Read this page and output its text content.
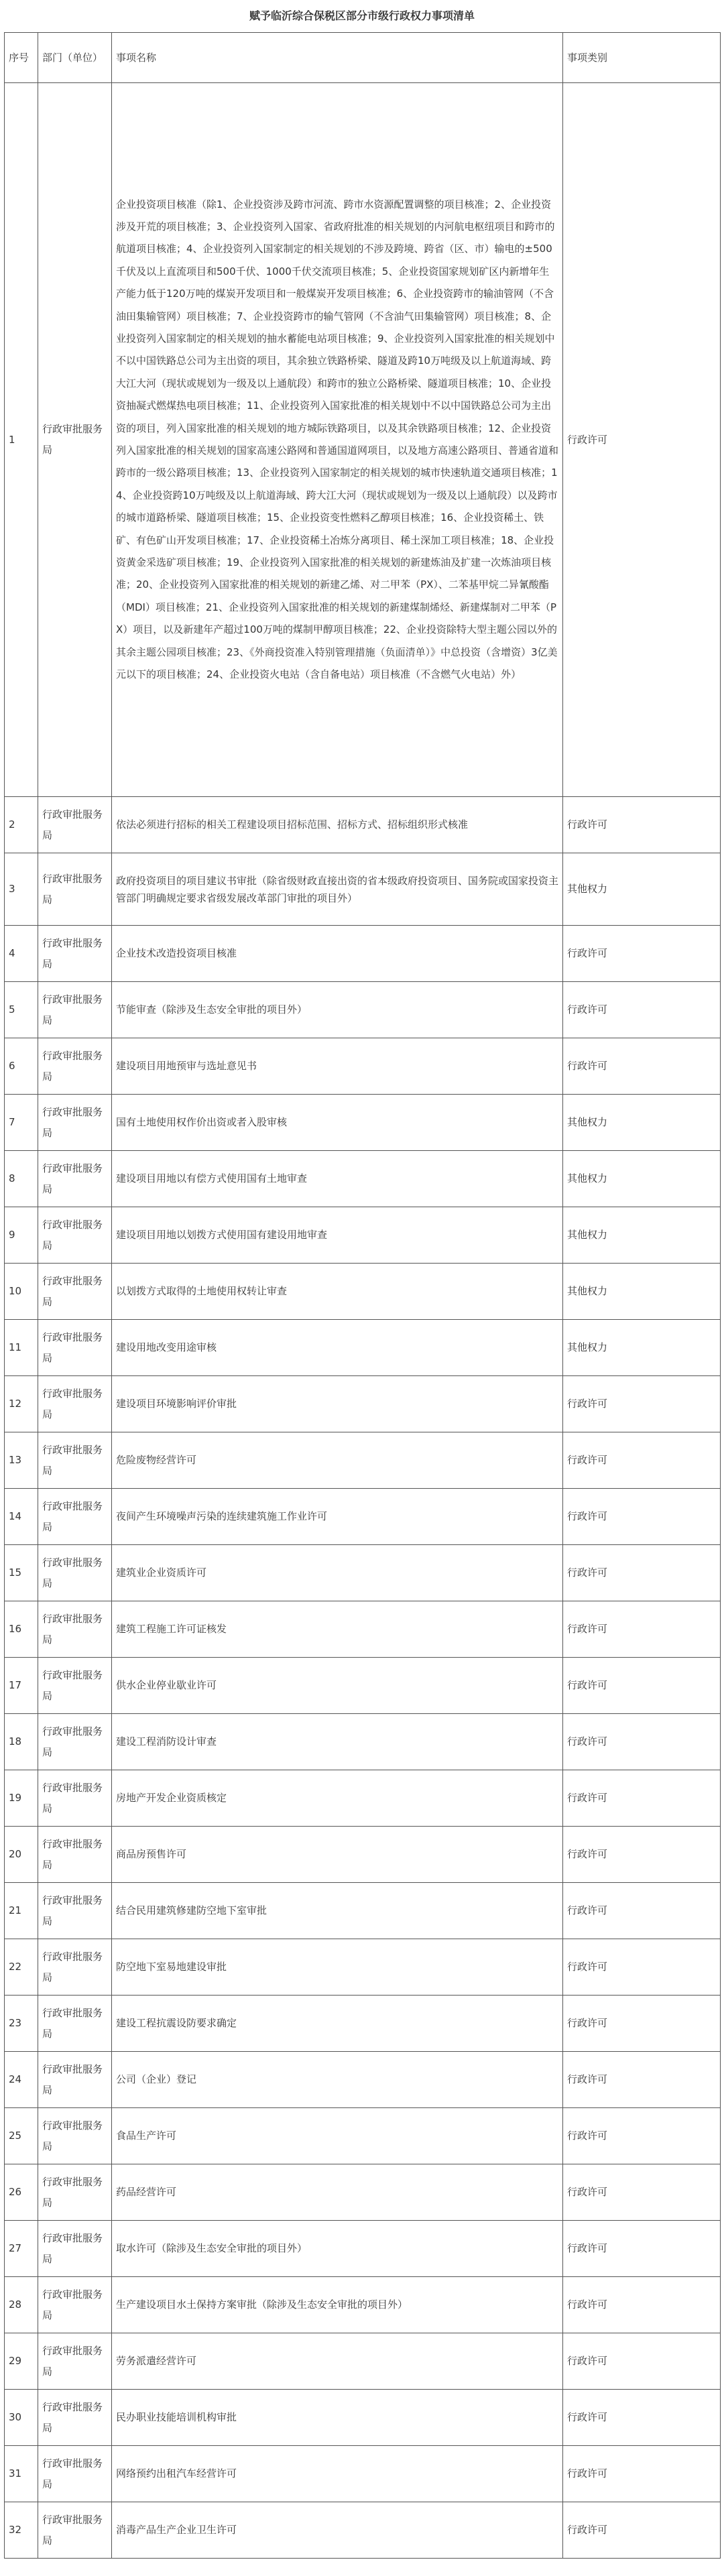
赋予临沂综合保税区部分市级行政权力事项清单
序号	部门（单位）	事项名称	事项类别
1	行政审批服务局	企业投资项目核准（除1、企业投资涉及跨市河流、跨市水资源配置调整的项目核准；2、企业投资涉及开荒的项目核准；3、企业投资列入国家、省政府批准的相关规划的内河航电枢纽项目和跨市的航道项目核准；4、企业投资列入国家制定的相关规划的不涉及跨境、跨省（区、市）输电的±500千伏及以上直流项目和500千伏、1000千伏交流项目核准；5、企业投资国家规划矿区内新增年生产能力低于120万吨的煤炭开发项目和一般煤炭开发项目核准；6、企业投资跨市的输油管网（不含油田集输管网）项目核准；7、企业投资跨市的输气管网（不含油气田集输管网）项目核准；8、企业投资列入国家制定的相关规划的抽水蓄能电站项目核准；9、企业投资列入国家批准的相关规划中不以中国铁路总公司为主出资的项目，其余独立铁路桥梁、隧道及跨10万吨级及以上航道海域、跨大江大河（现状或规划为一级及以上通航段）和跨市的独立公路桥梁、隧道项目核准；10、企业投资抽凝式燃煤热电项目核准；11、企业投资列入国家批准的相关规划中不以中国铁路总公司为主出资的项目，列入国家批准的相关规划的地方城际铁路项目，以及其余铁路项目核准；12、企业投资列入国家批准的相关规划的国家高速公路网和普通国道网项目，以及地方高速公路项目、普通省道和跨市的一级公路项目核准；13、企业投资列入国家制定的相关规划的城市快速轨道交通项目核准；14、企业投资跨10万吨级及以上航道海域、跨大江大河（现状或规划为一级及以上通航段）以及跨市的城市道路桥梁、隧道项目核准；15、企业投资变性燃料乙醇项目核准；16、企业投资稀土、铁矿、有色矿山开发项目核准；17、企业投资稀土冶炼分离项目、稀土深加工项目核准；18、企业投资黄金采选矿项目核准；19、企业投资列入国家批准的相关规划的新建炼油及扩建一次炼油项目核准；20、企业投资列入国家批准的相关规划的新建乙烯、对二甲苯（PX）、二苯基甲烷二异氰酸酯（MDI）项目核准；21、企业投资列入国家批准的相关规划的新建煤制烯烃、新建煤制对二甲苯（PX）项目，以及新建年产超过100万吨的煤制甲醇项目核准；22、企业投资除特大型主题公园以外的其余主题公园项目核准；23、《外商投资准入特别管理措施（负面清单）》中总投资（含增资）3亿美元以下的项目核准；24、企业投资火电站（含自备电站）项目核准（不含燃气火电站）外）	行政许可
2	行政审批服务局	依法必须进行招标的相关工程建设项目招标范围、招标方式、招标组织形式核准	行政许可
3	行政审批服务局	政府投资项目的项目建议书审批（除省级财政直接出资的省本级政府投资项目、国务院或国家投资主管部门明确规定要求省级发展改革部门审批的项目外）	其他权力
4	行政审批服务局	企业技术改造投资项目核准	行政许可
5	行政审批服务局	节能审查（除涉及生态安全审批的项目外）	行政许可
6	行政审批服务局	建设项目用地预审与选址意见书	行政许可
7	行政审批服务局	国有土地使用权作价出资或者入股审核	其他权力
8	行政审批服务局	建设项目用地以有偿方式使用国有土地审查	其他权力
9	行政审批服务局	建设项目用地以划拨方式使用国有建设用地审查	其他权力
10	行政审批服务局	以划拨方式取得的土地使用权转让审查	其他权力
11	行政审批服务局	建设用地改变用途审核	其他权力
12	行政审批服务局	建设项目环境影响评价审批	行政许可
13	行政审批服务局	危险废物经营许可	行政许可
14	行政审批服务局	夜间产生环境噪声污染的连续建筑施工作业许可	行政许可
15	行政审批服务局	建筑业企业资质许可	行政许可
16	行政审批服务局	建筑工程施工许可证核发	行政许可
17	行政审批服务局	供水企业停业歇业许可	行政许可
18	行政审批服务局	建设工程消防设计审查	行政许可
19	行政审批服务局	房地产开发企业资质核定	行政许可
20	行政审批服务局	商品房预售许可	行政许可
21	行政审批服务局	结合民用建筑修建防空地下室审批	行政许可
22	行政审批服务局	防空地下室易地建设审批	行政许可
23	行政审批服务局	建设工程抗震设防要求确定	行政许可
24	行政审批服务局	公司（企业）登记	行政许可
25	行政审批服务局	食品生产许可	行政许可
26	行政审批服务局	药品经营许可	行政许可
27	行政审批服务局	取水许可（除涉及生态安全审批的项目外）	行政许可
28	行政审批服务局	生产建设项目水土保持方案审批（除涉及生态安全审批的项目外）	行政许可
29	行政审批服务局	劳务派遣经营许可	行政许可
30	行政审批服务局	民办职业技能培训机构审批	行政许可
31	行政审批服务局	网络预约出租汽车经营许可	行政许可
32	行政审批服务局	消毒产品生产企业卫生许可	行政许可
